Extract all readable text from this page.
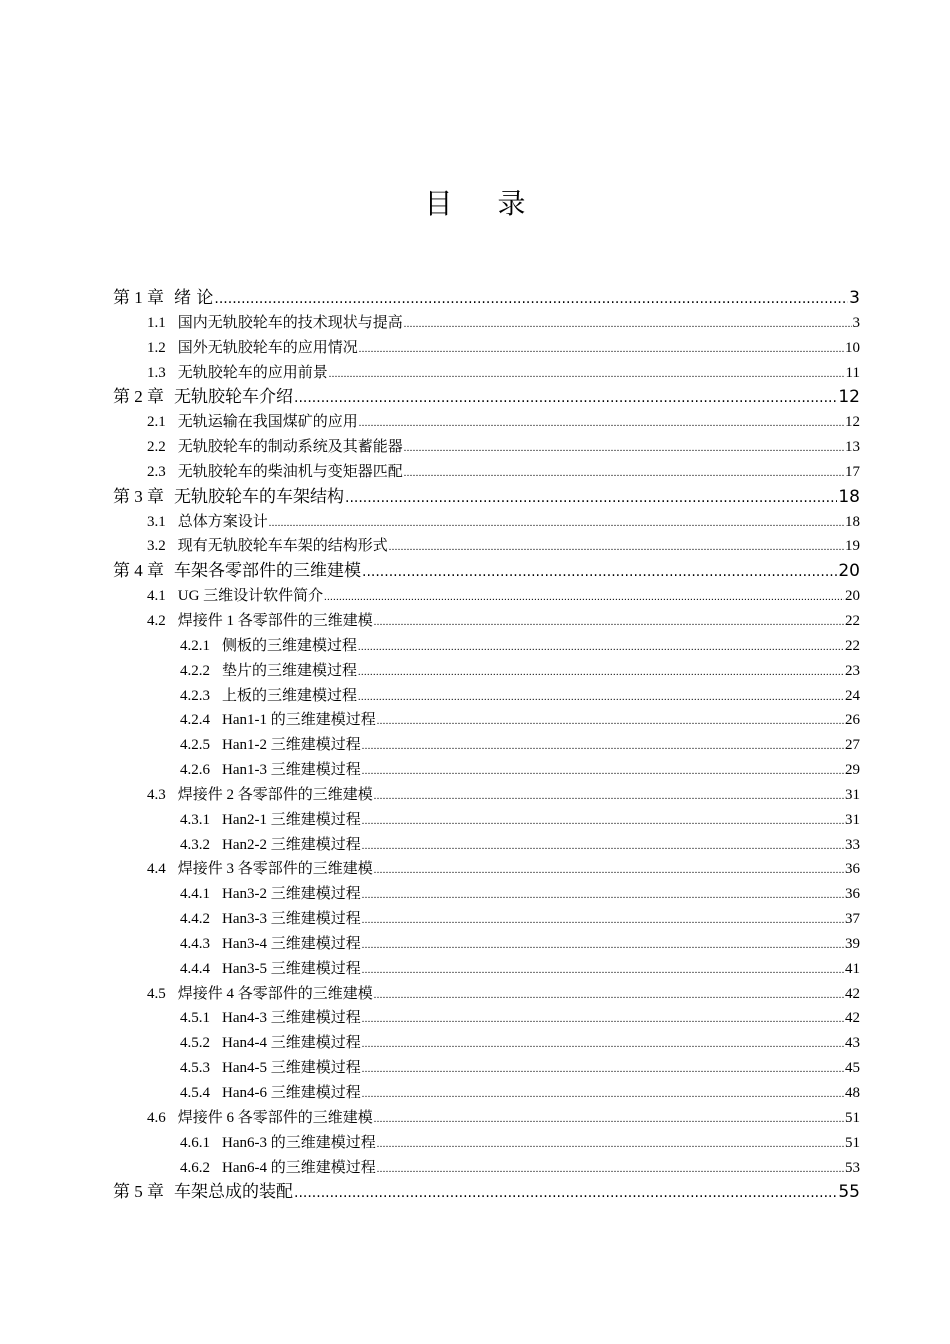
目 录
第 1 章 绪 论 .....	3
1.1 国内无轨胶轮车的技术现状与提高 .....	3
1.2 国外无轨胶轮车的应用情况 .....	10
1.3 无轨胶轮车的应用前景 .....	11
第 2 章 无轨胶轮车介绍 .....	12
2.1 无轨运输在我国煤矿的应用 .....	12
2.2 无轨胶轮车的制动系统及其蓄能器 .....	13
2.3 无轨胶轮车的柴油机与变矩器匹配 .....	17
第 3 章 无轨胶轮车的车架结构 .....	18
3.1 总体方案设计 .....	18
3.2 现有无轨胶轮车车架的结构形式 .....	19
第 4 章 车架各零部件的三维建模 .....	20
4.1 UG 三维设计软件简介 .....	20
4.2 焊接件 1 各零部件的三维建模 .....	22
4.2.1 侧板的三维建模过程 .....	22
4.2.2 垫片的三维建模过程 .....	23
4.2.3 上板的三维建模过程 .....	24
4.2.4 Han1-1 的三维建模过程 .....	26
4.2.5 Han1-2 三维建模过程 .....	27
4.2.6 Han1-3 三维建模过程 .....	29
4.3 焊接件 2 各零部件的三维建模 .....	31
4.3.1 Han2-1 三维建模过程 .....	31
4.3.2 Han2-2 三维建模过程 .....	33
4.4 焊接件 3 各零部件的三维建模 .....	36
4.4.1 Han3-2 三维建模过程 .....	36
4.4.2 Han3-3 三维建模过程 .....	37
4.4.3 Han3-4 三维建模过程 .....	39
4.4.4 Han3-5 三维建模过程 .....	41
4.5 焊接件 4 各零部件的三维建模 .....	42
4.5.1 Han4-3 三维建模过程 .....	42
4.5.2 Han4-4 三维建模过程 .....	43
4.5.3 Han4-5 三维建模过程 .....	45
4.5.4 Han4-6 三维建模过程 .....	48
4.6 焊接件 6 各零部件的三维建模 .....	51
4.6.1 Han6-3 的三维建模过程 .....	51
4.6.2 Han6-4 的三维建模过程 .....	53
第 5 章 车架总成的装配 .....	55
